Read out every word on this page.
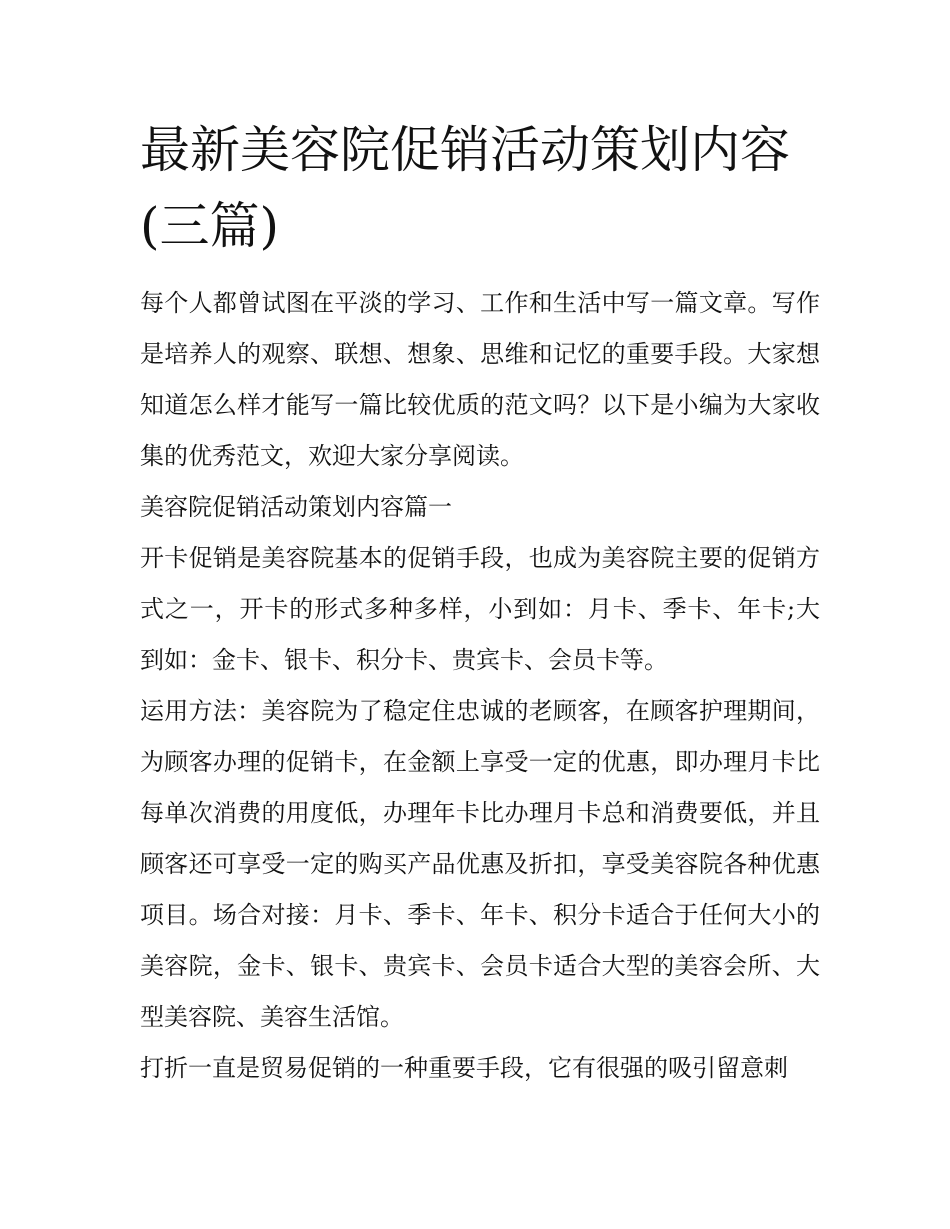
最新美容院促销活动策划内容(三篇)

每个人都曾试图在平淡的学习、工作和生活中写一篇文章。写作是培养人的观察、联想、想象、思维和记忆的重要手段。大家想知道怎么样才能写一篇比较优质的范文吗？以下是小编为大家收集的优秀范文，欢迎大家分享阅读。

美容院促销活动策划内容篇一

开卡促销是美容院基本的促销手段，也成为美容院主要的促销方式之一，开卡的形式多种多样，小到如：月卡、季卡、年卡;大到如：金卡、银卡、积分卡、贵宾卡、会员卡等。

运用方法：美容院为了稳定住忠诚的老顾客，在顾客护理期间，为顾客办理的促销卡，在金额上享受一定的优惠，即办理月卡比每单次消费的用度低，办理年卡比办理月卡总和消费要低，并且顾客还可享受一定的购买产品优惠及折扣，享受美容院各种优惠项目。场合对接：月卡、季卡、年卡、积分卡适合于任何大小的美容院，金卡、银卡、贵宾卡、会员卡适合大型的美容会所、大型美容院、美容生活馆。

打折一直是贸易促销的一种重要手段，它有很强的吸引留意刺
